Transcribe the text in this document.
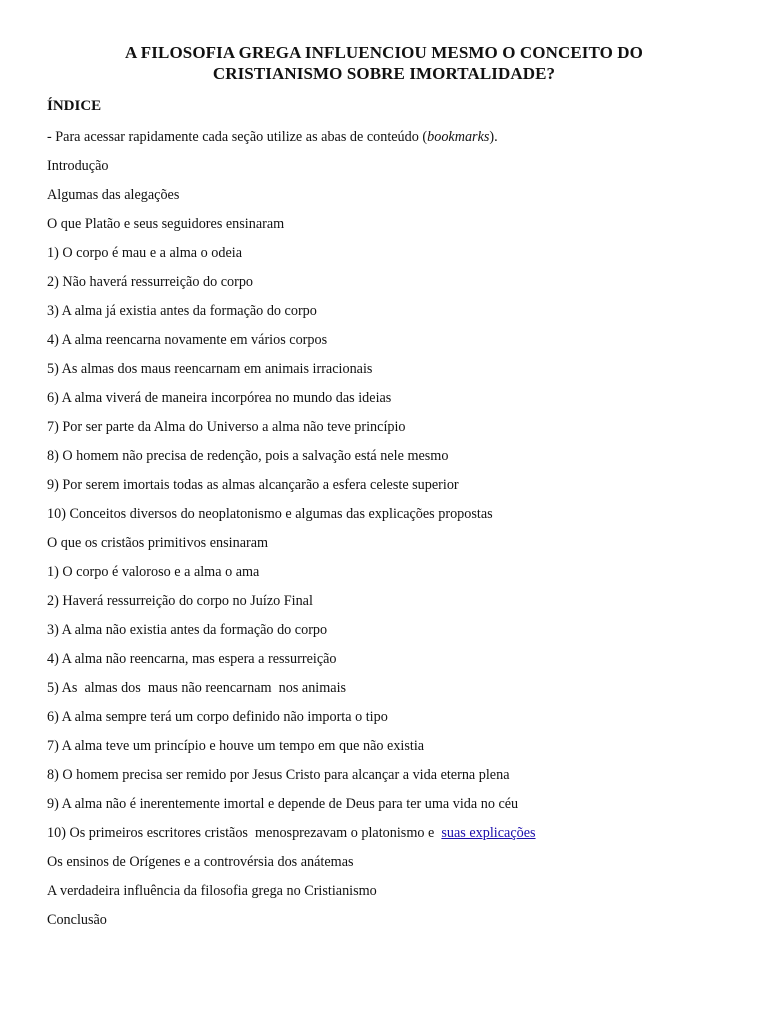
A FILOSOFIA GREGA INFLUENCIOU MESMO O CONCEITO DO
CRISTIANISMO SOBRE IMORTALIDADE?
ÍNDICE
- Para acessar rapidamente cada seção utilize as abas de conteúdo (bookmarks).
Introdução
Algumas das alegações
O que Platão e seus seguidores ensinaram
1) O corpo é mau e a alma o odeia
2) Não haverá ressurreição do corpo
3) A alma já existia antes da formação do corpo
4) A alma reencarna novamente em vários corpos
5) As almas dos maus reencarnam em animais irracionais
6) A alma viverá de maneira incorpórea no mundo das ideias
7) Por ser parte da Alma do Universo a alma não teve princípio
8) O homem não precisa de redenção, pois a salvação está nele mesmo
9) Por serem imortais todas as almas alcançarão a esfera celeste superior
10) Conceitos diversos do neoplatonismo e algumas das explicações propostas
O que os cristãos primitivos ensinaram
1) O corpo é valoroso e a alma o ama
2) Haverá ressurreição do corpo no Juízo Final
3) A alma não existia antes da formação do corpo
4) A alma não reencarna, mas espera a ressurreição
5) As  almas dos  maus não reencarnam  nos animais
6) A alma sempre terá um corpo definido não importa o tipo
7) A alma teve um princípio e houve um tempo em que não existia
8) O homem precisa ser remido por Jesus Cristo para alcançar a vida eterna plena
9) A alma não é inerentemente imortal e depende de Deus para ter uma vida no céu
10) Os primeiros escritores cristãos  menosprezavam o platonismo e  suas explicações
Os ensinos de Orígenes e a controvérsia dos anátemas
A verdadeira influência da filosofia grega no Cristianismo
Conclusão
